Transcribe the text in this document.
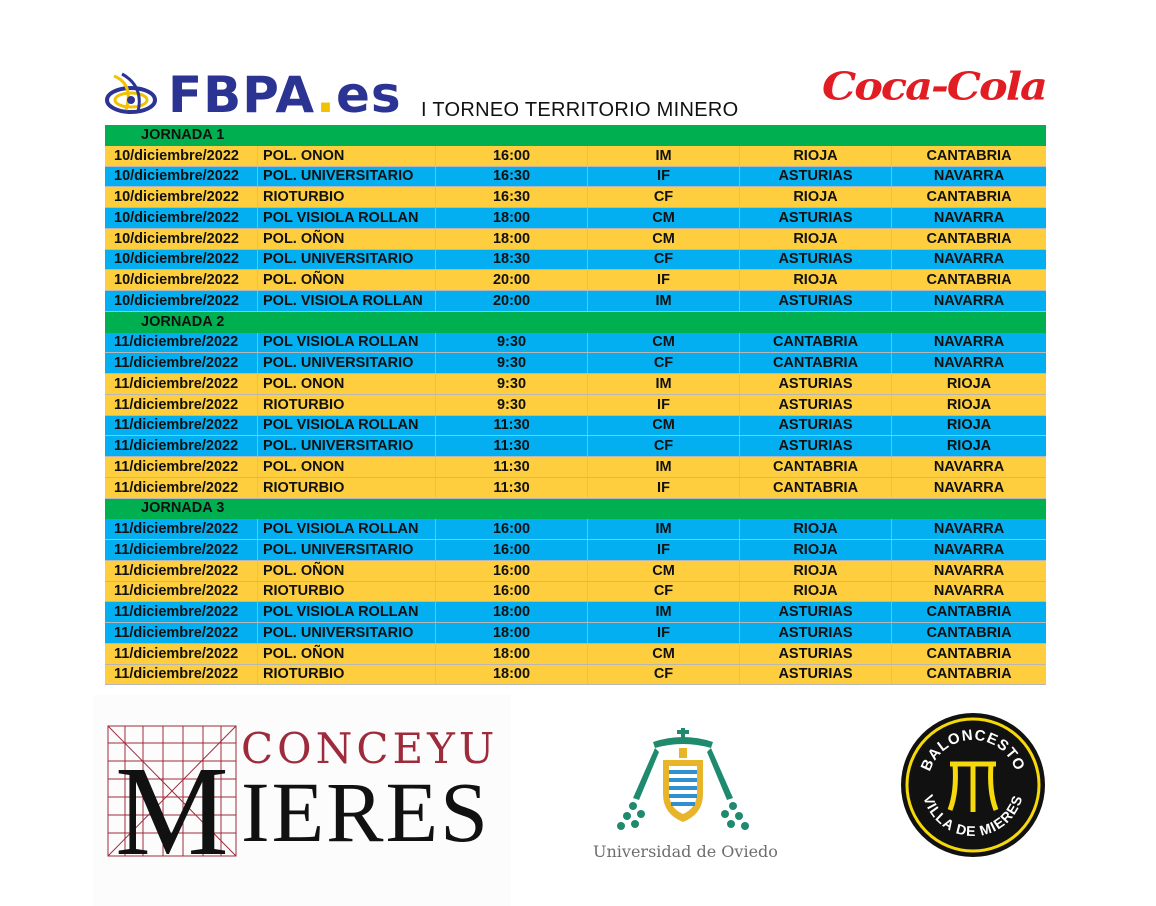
FBPA.es I TORNEO TERRITORIO MINERO
Coca-Cola
JORNADA 1
10/diciembre/2022	POL. ONON	16:00	IM	RIOJA	CANTABRIA
10/diciembre/2022	POL. UNIVERSITARIO	16:30	IF	ASTURIAS	NAVARRA
10/diciembre/2022	RIOTURBIO	16:30	CF	RIOJA	CANTABRIA
10/diciembre/2022	POL VISIOLA ROLLAN	18:00	CM	ASTURIAS	NAVARRA
10/diciembre/2022	POL. OÑON	18:00	CM	RIOJA	CANTABRIA
10/diciembre/2022	POL. UNIVERSITARIO	18:30	CF	ASTURIAS	NAVARRA
10/diciembre/2022	POL. OÑON	20:00	IF	RIOJA	CANTABRIA
10/diciembre/2022	POL. VISIOLA ROLLAN	20:00	IM	ASTURIAS	NAVARRA
JORNADA 2
11/diciembre/2022	POL VISIOLA ROLLAN	9:30	CM	CANTABRIA	NAVARRA
11/diciembre/2022	POL. UNIVERSITARIO	9:30	CF	CANTABRIA	NAVARRA
11/diciembre/2022	POL. ONON	9:30	IM	ASTURIAS	RIOJA
11/diciembre/2022	RIOTURBIO	9:30	IF	ASTURIAS	RIOJA
11/diciembre/2022	POL VISIOLA ROLLAN	11:30	CM	ASTURIAS	RIOJA
11/diciembre/2022	POL. UNIVERSITARIO	11:30	CF	ASTURIAS	RIOJA
11/diciembre/2022	POL. ONON	11:30	IM	CANTABRIA	NAVARRA
11/diciembre/2022	RIOTURBIO	11:30	IF	CANTABRIA	NAVARRA
JORNADA 3
11/diciembre/2022	POL VISIOLA ROLLAN	16:00	IM	RIOJA	NAVARRA
11/diciembre/2022	POL. UNIVERSITARIO	16:00	IF	RIOJA	NAVARRA
11/diciembre/2022	POL. OÑON	16:00	CM	RIOJA	NAVARRA
11/diciembre/2022	RIOTURBIO	16:00	CF	RIOJA	NAVARRA
11/diciembre/2022	POL VISIOLA ROLLAN	18:00	IM	ASTURIAS	CANTABRIA
11/diciembre/2022	POL. UNIVERSITARIO	18:00	IF	ASTURIAS	CANTABRIA
11/diciembre/2022	POL. OÑON	18:00	CM	ASTURIAS	CANTABRIA
11/diciembre/2022	RIOTURBIO	18:00	CF	ASTURIAS	CANTABRIA
CONCEYU
M IERES	Universidad de Oviedo
BALONCESTO
VILLA DE MIERES
